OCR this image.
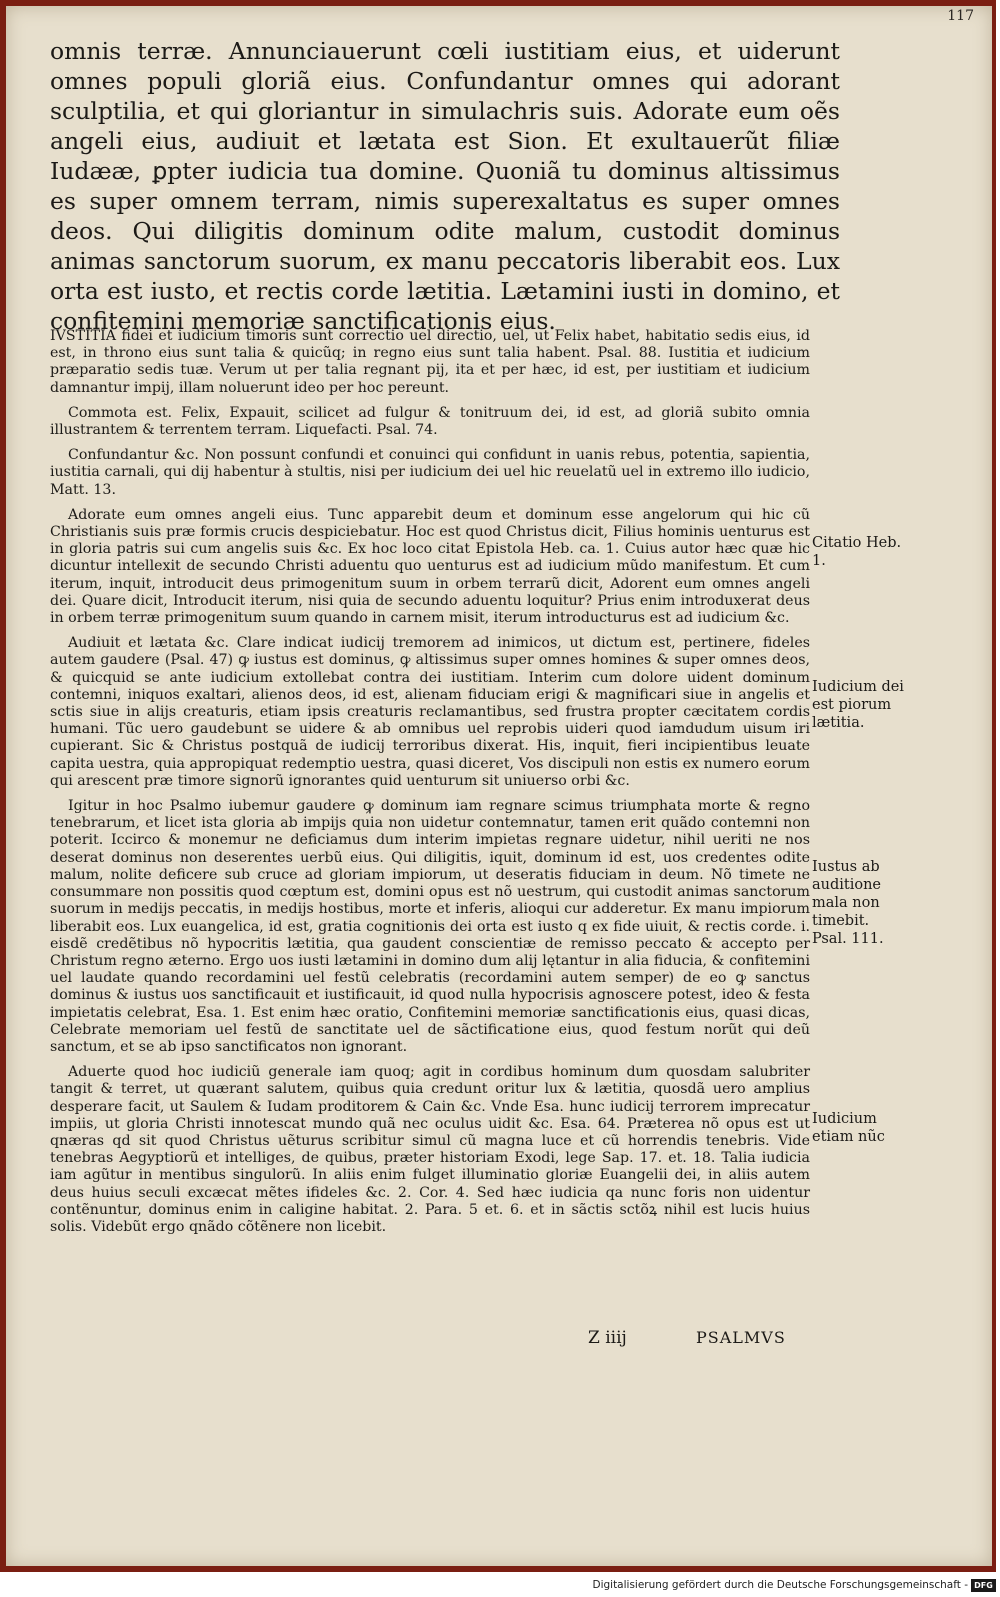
117

omnis terræ. Annunciauerunt cœli iustitiam eius, et uiderunt omnes populi gloriã eius. Confundantur omnes qui adorant sculptilia, et qui gloriantur in simulachris suis. Adorate eum oẽs angeli eius, audiuit et lætata est Sion. Et exultauerũt filiæ Iudææ, ꝑpter iudicia tua domine. Quoniã tu dominus altissimus es super omnem terram, nimis superexaltatus es super omnes deos. Qui diligitis dominum odite malum, custodit dominus animas sanctorum suorum, ex manu peccatoris liberabit eos. Lux orta est iusto, et rectis corde lætitia. Lætamini iusti in domino, et confitemini memoriæ sanctificationis eius.

IVSTITIA fidei et iudicium timoris sunt correctio uel directio, uel, ut Felix habet, habitatio sedis eius, id est, in throno eius sunt talia & quicũq; in regno eius sunt talia habent. Psal. 88. Iustitia et iudicium præparatio sedis tuæ. Verum ut per talia regnant pij, ita et per hæc, id est, per iustitiam et iudicium damnantur impij, illam noluerunt ideo per hoc pereunt.

Commota est. Felix, Expauit, scilicet ad fulgur & tonitruum dei, id est, ad gloriã subito omnia illustrantem & terrentem terram. Liquefacti. Psal. 74.

Confundantur &c. Non possunt confundi et conuinci qui confidunt in uanis rebus, potentia, sapientia, iustitia carnali, qui dij habentur à stultis, nisi per iudicium dei uel hic reuelatũ uel in extremo illo iudicio, Matt. 13.

Adorate eum omnes angeli eius. Tunc apparebit deum et dominum esse angelorum qui hic cũ Christianis suis præ formis crucis despiciebatur. Hoc est quod Christus dicit, Filius hominis uenturus est in gloria patris sui cum angelis suis &c. Ex hoc loco citat Epistola Heb. ca. 1. Cuius autor hæc quæ hic dicuntur intellexit de secundo Christi aduentu quo uenturus est ad iudicium mũdo manifestum. Et cum iterum, inquit, introducit deus primogenitum suum in orbem terrarũ dicit, Adorent eum omnes angeli dei. Quare dicit, Introducit iterum, nisi quia de secundo aduentu loquitur? Prius enim introduxerat deus in orbem terræ primogenitum suum quando in carnem misit, iterum introducturus est ad iudicium &c.

Audiuit et lætata &c. Clare indicat iudicij tremorem ad inimicos, ut dictum est, pertinere, fideles autem gaudere (Psal. 47) ꝙ iustus est dominus, ꝙ altissimus super omnes homines & super omnes deos, & quicquid se ante iudicium extollebat contra dei iustitiam. Interim cum dolore uident dominum contemni, iniquos exaltari, alienos deos, id est, alienam fiduciam erigi & magnificari siue in angelis et sctis siue in alijs creaturis, etiam ipsis creaturis reclamantibus, sed frustra propter cæcitatem cordis humani. Tũc uero gaudebunt se uidere & ab omnibus uel reprobis uideri quod iamdudum uisum iri cupierant. Sic & Christus postquã de iudicij terroribus dixerat. His, inquit, fieri incipientibus leuate capita uestra, quia appropiquat redemptio uestra, quasi diceret, Vos discipuli non estis ex numero eorum qui arescent præ timore signorũ ignorantes quid uenturum sit uniuerso orbi &c.

Igitur in hoc Psalmo iubemur gaudere ꝙ dominum iam regnare scimus triumphata morte & regno tenebrarum, et licet ista gloria ab impijs quia non uidetur contemnatur, tamen erit quãdo contemni non poterit. Iccirco & monemur ne deficiamus dum interim impietas regnare uidetur, nihil ueriti ne nos deserat dominus non deserentes uerbũ eius. Qui diligitis, iquit, dominum id est, uos credentes odite malum, nolite deficere sub cruce ad gloriam impiorum, ut deseratis fiduciam in deum. Nõ timete ne consummare non possitis quod cœptum est, domini opus est nõ uestrum, qui custodit animas sanctorum suorum in medijs peccatis, in medijs hostibus, morte et inferis, alioqui cur adderetur. Ex manu impiorum liberabit eos. Lux euangelica, id est, gratia cognitionis dei orta est iusto q ex fide uiuit, & rectis corde. i. eisdẽ credẽtibus nõ hypocritis lætitia, qua gaudent conscientiæ de remisso peccato & accepto per Christum regno æterno. Ergo uos iusti lætamini in domino dum alij lętantur in alia fiducia, & confitemini uel laudate quando recordamini uel festũ celebratis (recordamini autem semper) de eo ꝙ sanctus dominus & iustus uos sanctificauit et iustificauit, id quod nulla hypocrisis agnoscere potest, ideo & festa impietatis celebrat, Esa. 1. Est enim hæc oratio, Confitemini memoriæ sanctificationis eius, quasi dicas, Celebrate memoriam uel festũ de sanctitate uel de sãctificatione eius, quod festum norũt qui deũ sanctum, et se ab ipso sanctificatos non ignorant.

Aduerte quod hoc iudiciũ generale iam quoq; agit in cordibus hominum dum quosdam salubriter tangit & terret, ut quærant salutem, quibus quia credunt oritur lux & lætitia, quosdã uero amplius desperare facit, ut Saulem & Iudam proditorem & Cain &c. Vnde Esa. hunc iudicij terrorem imprecatur impiis, ut gloria Christi innotescat mundo quã nec oculus uidit &c. Esa. 64. Præterea nõ opus est ut qnæras qd sit quod Christus uẽturus scribitur simul cũ magna luce et cũ horrendis tenebris. Vide tenebras Aegyptiorũ et intelliges, de quibus, præter historiam Exodi, lege Sap. 17. et. 18. Talia iudicia iam agũtur in mentibus singulorũ. In aliis enim fulget illuminatio gloriæ Euangelii dei, in aliis autem deus huius seculi excæcat mẽtes ifideles &c. 2. Cor. 4. Sed hæc iudicia qa nunc foris non uidentur contẽnuntur, dominus enim in caligine habitat. 2. Para. 5 et. 6. et in sãctis sctõꝝ nihil est lucis huius solis. Videbũt ergo qnãdo cõtẽnere non licebit.

Citatio Heb. 1.
Iudicium dei est piorum lætitia.
Iustus ab auditione mala non timebit. Psal. 111.
Iudicium etiam nũc
Z iiij	PSALMVS
Digitalisierung gefördert durch die Deutsche Forschungsgemeinschaft - DFG
